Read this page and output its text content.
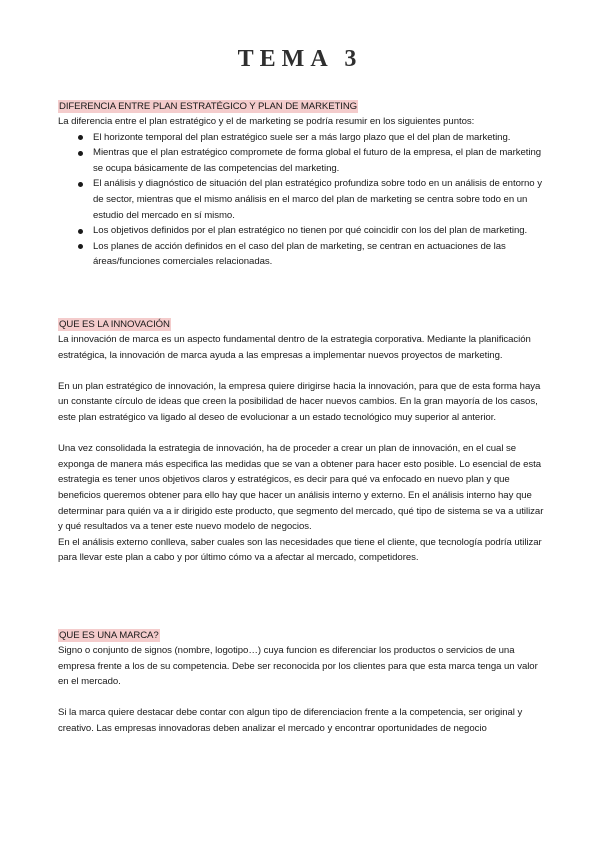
TEMA 3
DIFERENCIA ENTRE PLAN ESTRATÉGICO Y PLAN DE MARKETING

La diferencia entre el plan estratégico y el de marketing se podría resumir en los siguientes puntos:

El horizonte temporal del plan estratégico suele ser a más largo plazo que el del plan de marketing.
Mientras que el plan estratégico compromete de forma global el futuro de la empresa, el plan de marketing se ocupa básicamente de las competencias del marketing.
El análisis y diagnóstico de situación del plan estratégico profundiza sobre todo en un análisis de entorno y de sector, mientras que el mismo análisis en el marco del plan de marketing se centra sobre todo en un estudio del mercado en sí mismo.
Los objetivos definidos por el plan estratégico no tienen por qué coincidir con los del plan de marketing.
Los planes de acción definidos en el caso del plan de marketing, se centran en actuaciones de las áreas/funciones comerciales relacionadas.
QUE ES LA INNOVACIÓN

La innovación de marca es un aspecto fundamental dentro de la estrategia corporativa. Mediante la planificación estratégica, la innovación de marca ayuda a las empresas a implementar nuevos proyectos de marketing.

En un plan estratégico de innovación, la empresa quiere dirigirse hacia la innovación, para que de esta forma haya un constante círculo de ideas que creen la posibilidad de hacer nuevos cambios. En la gran mayoría de los casos, este plan estratégico va ligado al deseo de evolucionar a un estado tecnológico muy superior al anterior.

Una vez consolidada la estrategia de innovación, ha de proceder a crear un plan de innovación, en el cual se exponga de manera más especifica las medidas que se van a obtener para hacer esto posible. Lo esencial de esta estrategia es tener unos objetivos claros y estratégicos, es decir para qué va enfocado en nuevo plan y que beneficios queremos obtener para ello hay que hacer un análisis interno y externo. En el análisis interno hay que determinar para quién va a ir dirigido este producto, que segmento del mercado, qué tipo de sistema se va a utilizar y qué resultados va a tener este nuevo modelo de negocios.

En el análisis externo conlleva, saber cuales son las necesidades que tiene el cliente, que tecnología podría utilizar para llevar este plan a cabo y por último cómo va a afectar al mercado, competidores.

QUE ES UNA MARCA?

Signo o conjunto de signos (nombre, logotipo…) cuya funcion es diferenciar los productos o servicios de una empresa frente a los de su competencia. Debe ser reconocida por los clientes para que esta marca tenga un valor en el mercado.

Si la marca quiere destacar debe contar con algun tipo de diferenciacion frente a la competencia, ser original y creativo. Las empresas innovadoras deben analizar el mercado y encontrar oportunidades de negocio
